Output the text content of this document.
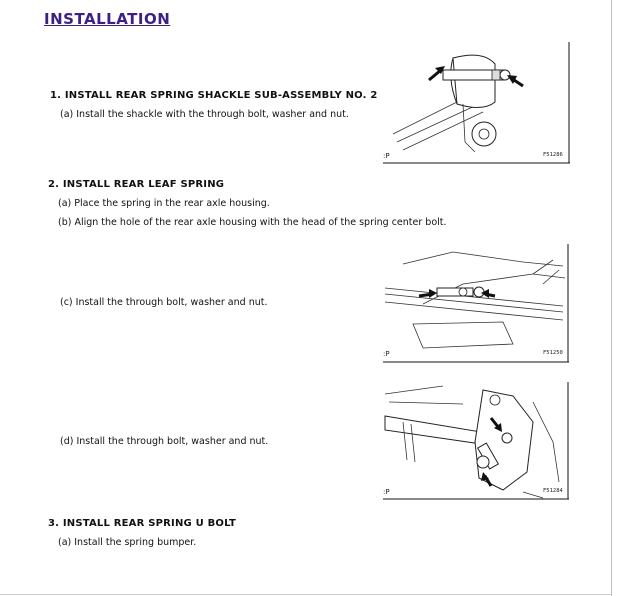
INSTALLATION
1. INSTALL REAR SPRING SHACKLE SUB-ASSEMBLY NO. 2

(a) Install the shackle with the through bolt, washer and nut.

:P	F51286
2. INSTALL REAR LEAF SPRING

(a) Place the spring in the rear axle housing.

(b) Align the hole of the rear axle housing with the head of the spring center bolt.

(c) Install the through bolt, washer and nut.

:P	F51250

(d) Install the through bolt, washer and nut.

:P	F51284
3. INSTALL REAR SPRING U BOLT

(a) Install the spring bumper.
